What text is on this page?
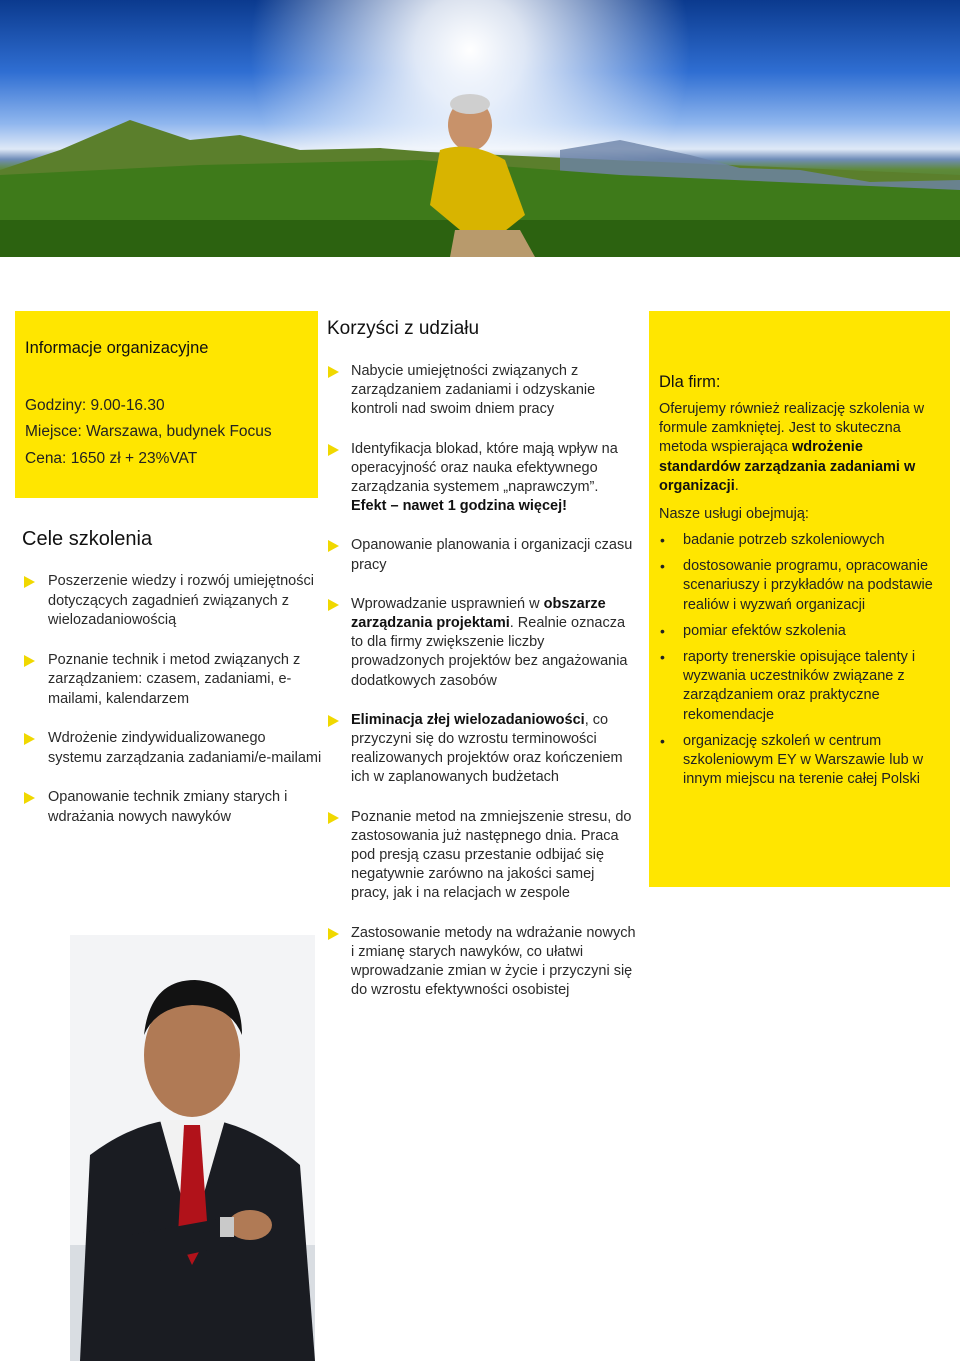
Informacje organizacyjne
Godziny: 9.00-16.30
Miejsce: Warszawa, budynek Focus
Cena: 1650 zł + 23%VAT
Cele szkolenia
Poszerzenie wiedzy i rozwój umiejętności dotyczących zagadnień związanych z wielozadaniowością
Poznanie technik i metod związanych z zarządzaniem: czasem, zadaniami, e-mailami, kalendarzem
Wdrożenie zindywidualizowanego systemu zarządzania zadaniami/e-mailami
Opanowanie technik zmiany starych i wdrażania nowych nawyków
Korzyści z udziału
Nabycie umiejętności związanych z zarządzaniem zadaniami i odzyskanie kontroli nad swoim dniem pracy
Identyfikacja blokad, które mają wpływ na operacyjność oraz nauka efektywnego zarządzania systemem „naprawczym”.
Efekt – nawet 1 godzina więcej!
Opanowanie planowania i organizacji czasu pracy
Wprowadzanie usprawnień w obszarze zarządzania projektami. Realnie oznacza to dla firmy zwiększenie liczby prowadzonych projektów bez angażowania dodatkowych zasobów
Eliminacja złej wielozadaniowości, co przyczyni się do wzrostu terminowości realizowanych projektów oraz kończeniem ich w zaplanowanych budżetach
Poznanie metod na zmniejszenie stresu, do zastosowania już następnego dnia. Praca pod presją czasu przestanie odbijać się negatywnie zarówno na jakości samej pracy, jak i na relacjach w zespole
Zastosowanie metody na wdrażanie nowych i zmianę starych nawyków, co ułatwi wprowadzanie zmian w życie i przyczyni się do wzrostu efektywności osobistej
Dla firm:
Oferujemy również realizację szkolenia w formule zamkniętej. Jest to skuteczna metoda wspierająca wdrożenie standardów zarządzania zadaniami w organizacji.
Nasze usługi obejmują:
• badanie potrzeb szkoleniowych
• dostosowanie programu, opracowanie scenariuszy i przykładów na podstawie realiów i wyzwań organizacji
• pomiar efektów szkolenia
• raporty trenerskie opisujące talenty i wyzwania uczestników związane z zarządzaniem oraz praktyczne rekomendacje
• organizację szkoleń w centrum szkoleniowym EY w Warszawie lub w innym miejscu na terenie całej Polski
